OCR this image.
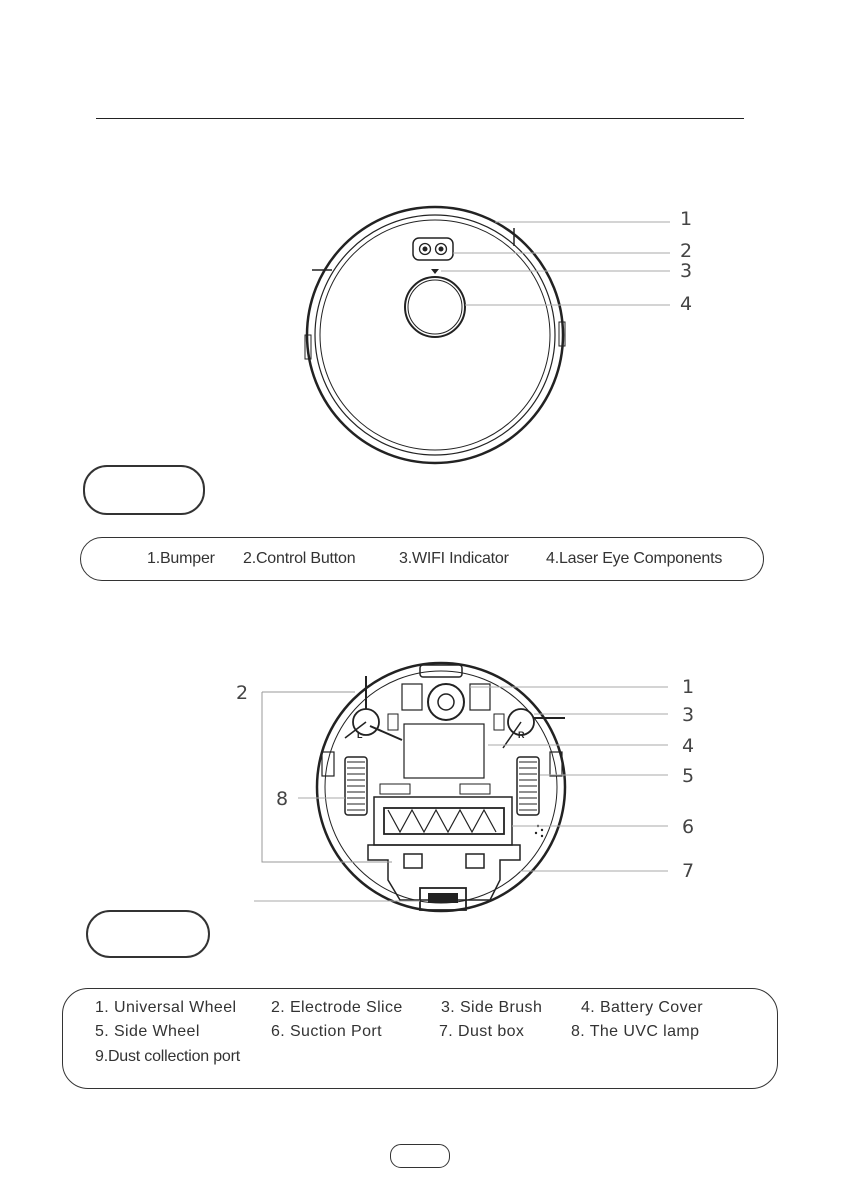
1
2
3
4
1.Bumper 2.Control Button	3.WIFI Indicator 4.Laser Eye Components
L	R
1
2
3
4
5
6
7
8
1. Universal Wheel 2. Electrode Slice 3. Side Brush 4. Battery Cover
5. Side Wheel	6. Suction Port	7. Dust box	8. The UVC lamp
9.Dust collection port
